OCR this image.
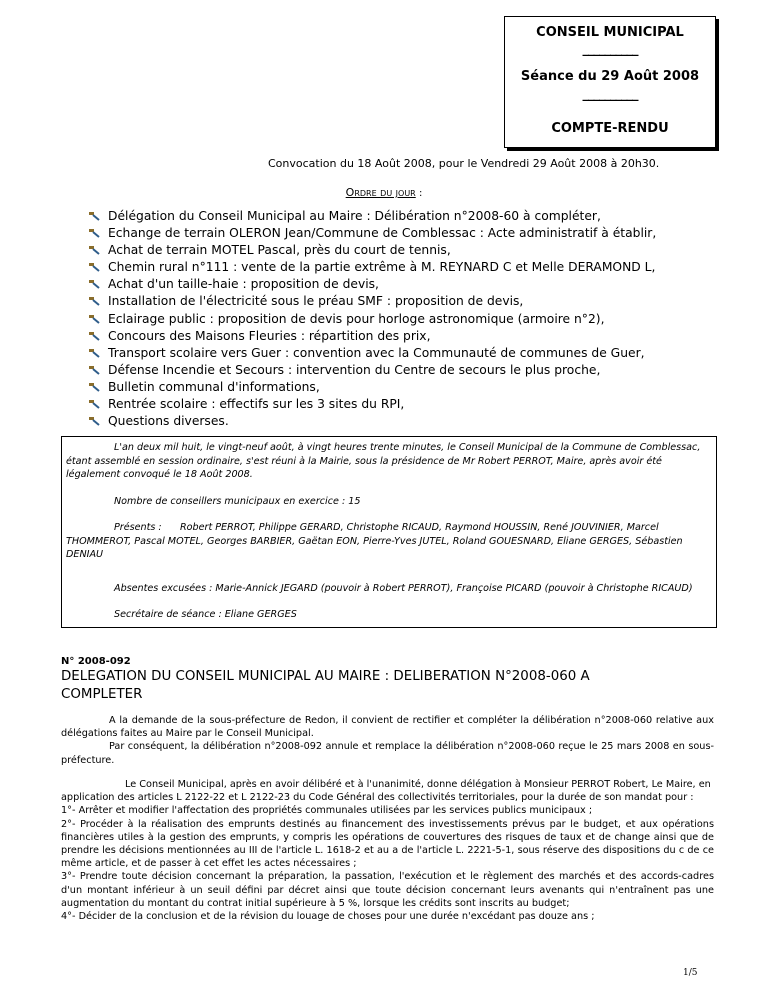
CONSEIL MUNICIPAL
__________
Séance du 29 Août 2008
__________
COMPTE-RENDU
Convocation du 18 Août 2008, pour le Vendredi 29 Août 2008 à 20h30.
Ordre du jour :
Délégation du Conseil Municipal au Maire : Délibération n°2008-60 à compléter,
Echange de terrain OLERON Jean/Commune de Comblessac : Acte administratif à établir,
Achat de terrain MOTEL Pascal, près du court de tennis,
Chemin rural n°111 : vente de la partie extrême à M. REYNARD C et Melle DERAMOND L,
Achat d'un taille-haie : proposition de devis,
Installation de l'électricité sous le préau SMF : proposition de devis,
Eclairage public : proposition de devis pour horloge astronomique (armoire n°2),
Concours des Maisons Fleuries : répartition des prix,
Transport scolaire vers Guer : convention avec la Communauté de communes de Guer,
Défense Incendie et Secours : intervention du Centre de secours le plus proche,
Bulletin communal d'informations,
Rentrée scolaire : effectifs sur les 3 sites du RPI,
Questions diverses.

L'an deux mil huit, le vingt-neuf août, à vingt heures trente minutes, le Conseil Municipal de la Commune de Comblessac, étant assemblé en session ordinaire, s'est réuni à la Mairie, sous la présidence de Mr Robert PERROT, Maire, après avoir été légalement convoqué le 18 Août 2008.

Nombre de conseillers municipaux en exercice : 15

Présents : Robert PERROT, Philippe GERARD, Christophe RICAUD, Raymond HOUSSIN, René JOUVINIER, Marcel THOMMEROT, Pascal MOTEL, Georges BARBIER, Gaëtan EON, Pierre-Yves JUTEL, Roland GOUESNARD, Eliane GERGES, Sébastien DENIAU

Absentes excusées : Marie-Annick JEGARD (pouvoir à Robert PERROT), Françoise PICARD (pouvoir à Christophe RICAUD)

Secrétaire de séance : Eliane GERGES

N° 2008-092
DELEGATION DU CONSEIL MUNICIPAL AU MAIRE : DELIBERATION N°2008-060 A COMPLETER

A la demande de la sous-préfecture de Redon, il convient de rectifier et compléter la délibération n°2008-060 relative aux délégations faites au Maire par le Conseil Municipal.

Par conséquent, la délibération n°2008-092 annule et remplace la délibération n°2008-060 reçue le 25 mars 2008 en sous-préfecture.

Le Conseil Municipal, après en avoir délibéré et à l'unanimité, donne délégation à Monsieur PERROT Robert, Le Maire, en application des articles L 2122-22 et L 2122-23 du Code Général des collectivités territoriales, pour la durée de son mandat pour :

1°- Arrêter et modifier l'affectation des propriétés communales utilisées par les services publics municipaux ;

2°- Procéder à la réalisation des emprunts destinés au financement des investissements prévus par le budget, et aux opérations financières utiles à la gestion des emprunts, y compris les opérations de couvertures des risques de taux et de change ainsi que de prendre les décisions mentionnées au III de l'article L. 1618-2 et au a de l'article L. 2221-5-1, sous réserve des dispositions du c de ce même article, et de passer à cet effet les actes nécessaires ;

3°- Prendre toute décision concernant la préparation, la passation, l'exécution et le règlement des marchés et des accords-cadres d'un montant inférieur à un seuil défini par décret ainsi que toute décision concernant leurs avenants qui n'entraînent pas une augmentation du montant du contrat initial supérieure à 5 %, lorsque les crédits sont inscrits au budget;

4°- Décider de la conclusion et de la révision du louage de choses pour une durée n'excédant pas douze ans ;

1/5
